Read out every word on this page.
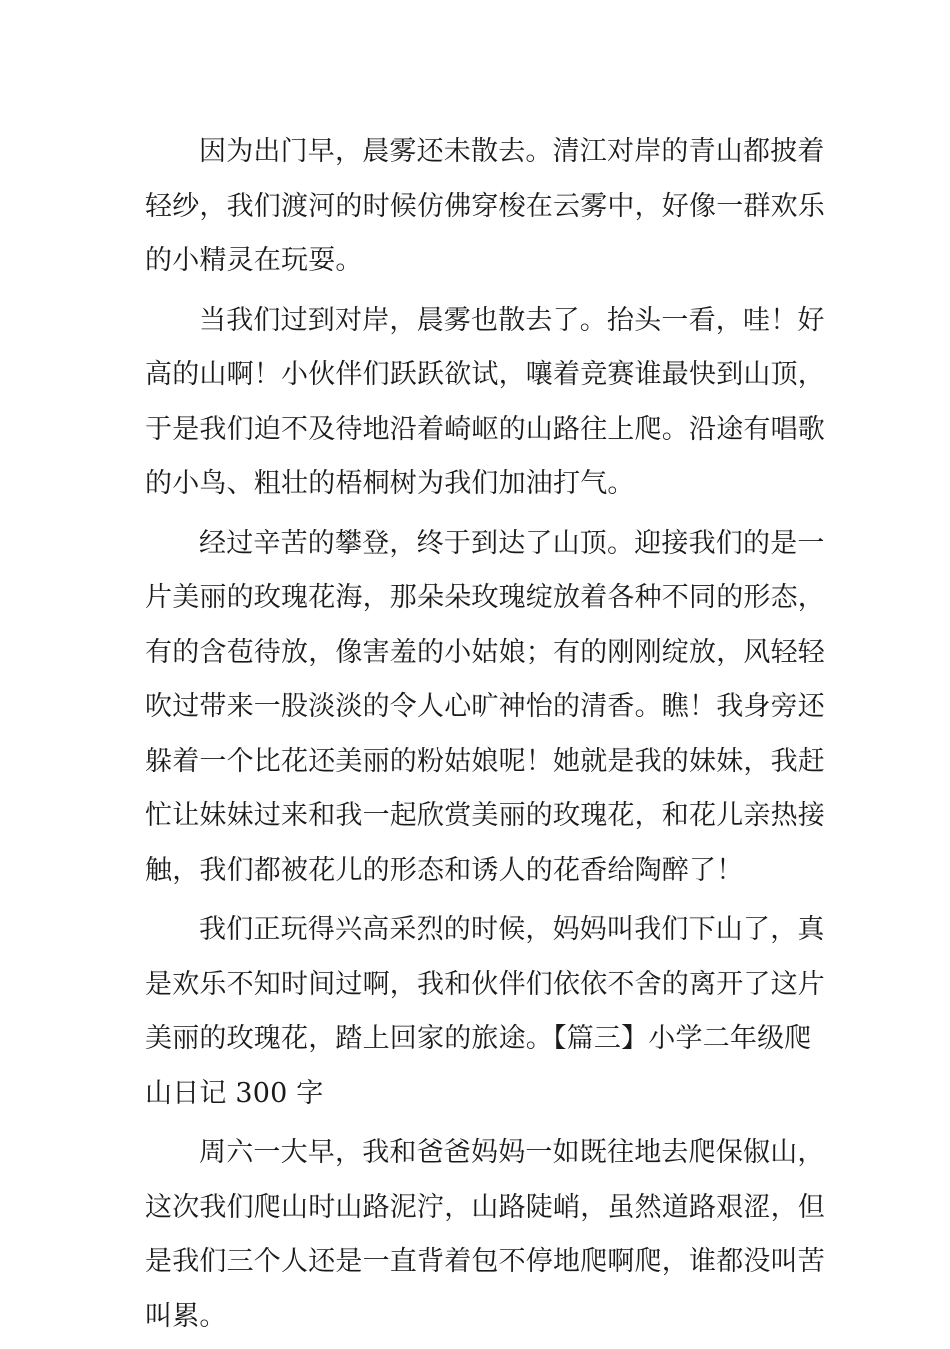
因为出门早，晨雾还未散去。清江对岸的青山都披着
轻纱，我们渡河的时候仿佛穿梭在云雾中，好像一群欢乐
的小精灵在玩耍。

当我们过到对岸，晨雾也散去了。抬头一看，哇！好
高的山啊！小伙伴们跃跃欲试，嚷着竞赛谁最快到山顶，
于是我们迫不及待地沿着崎岖的山路往上爬。沿途有唱歌
的小鸟、粗壮的梧桐树为我们加油打气。

经过辛苦的攀登，终于到达了山顶。迎接我们的是一
片美丽的玫瑰花海，那朵朵玫瑰绽放着各种不同的形态，
有的含苞待放，像害羞的小姑娘；有的刚刚绽放，风轻轻
吹过带来一股淡淡的令人心旷神怡的清香。瞧！我身旁还
躲着一个比花还美丽的粉姑娘呢！她就是我的妹妹，我赶
忙让妹妹过来和我一起欣赏美丽的玫瑰花，和花儿亲热接
触，我们都被花儿的形态和诱人的花香给陶醉了！

我们正玩得兴高采烈的时候，妈妈叫我们下山了，真
是欢乐不知时间过啊，我和伙伴们依依不舍的离开了这片
美丽的玫瑰花，踏上回家的旅途。【篇三】小学二年级爬
山日记 300 字

周六一大早，我和爸爸妈妈一如既往地去爬保俶山，
这次我们爬山时山路泥泞，山路陡峭，虽然道路艰涩，但
是我们三个人还是一直背着包不停地爬啊爬，谁都没叫苦
叫累。
